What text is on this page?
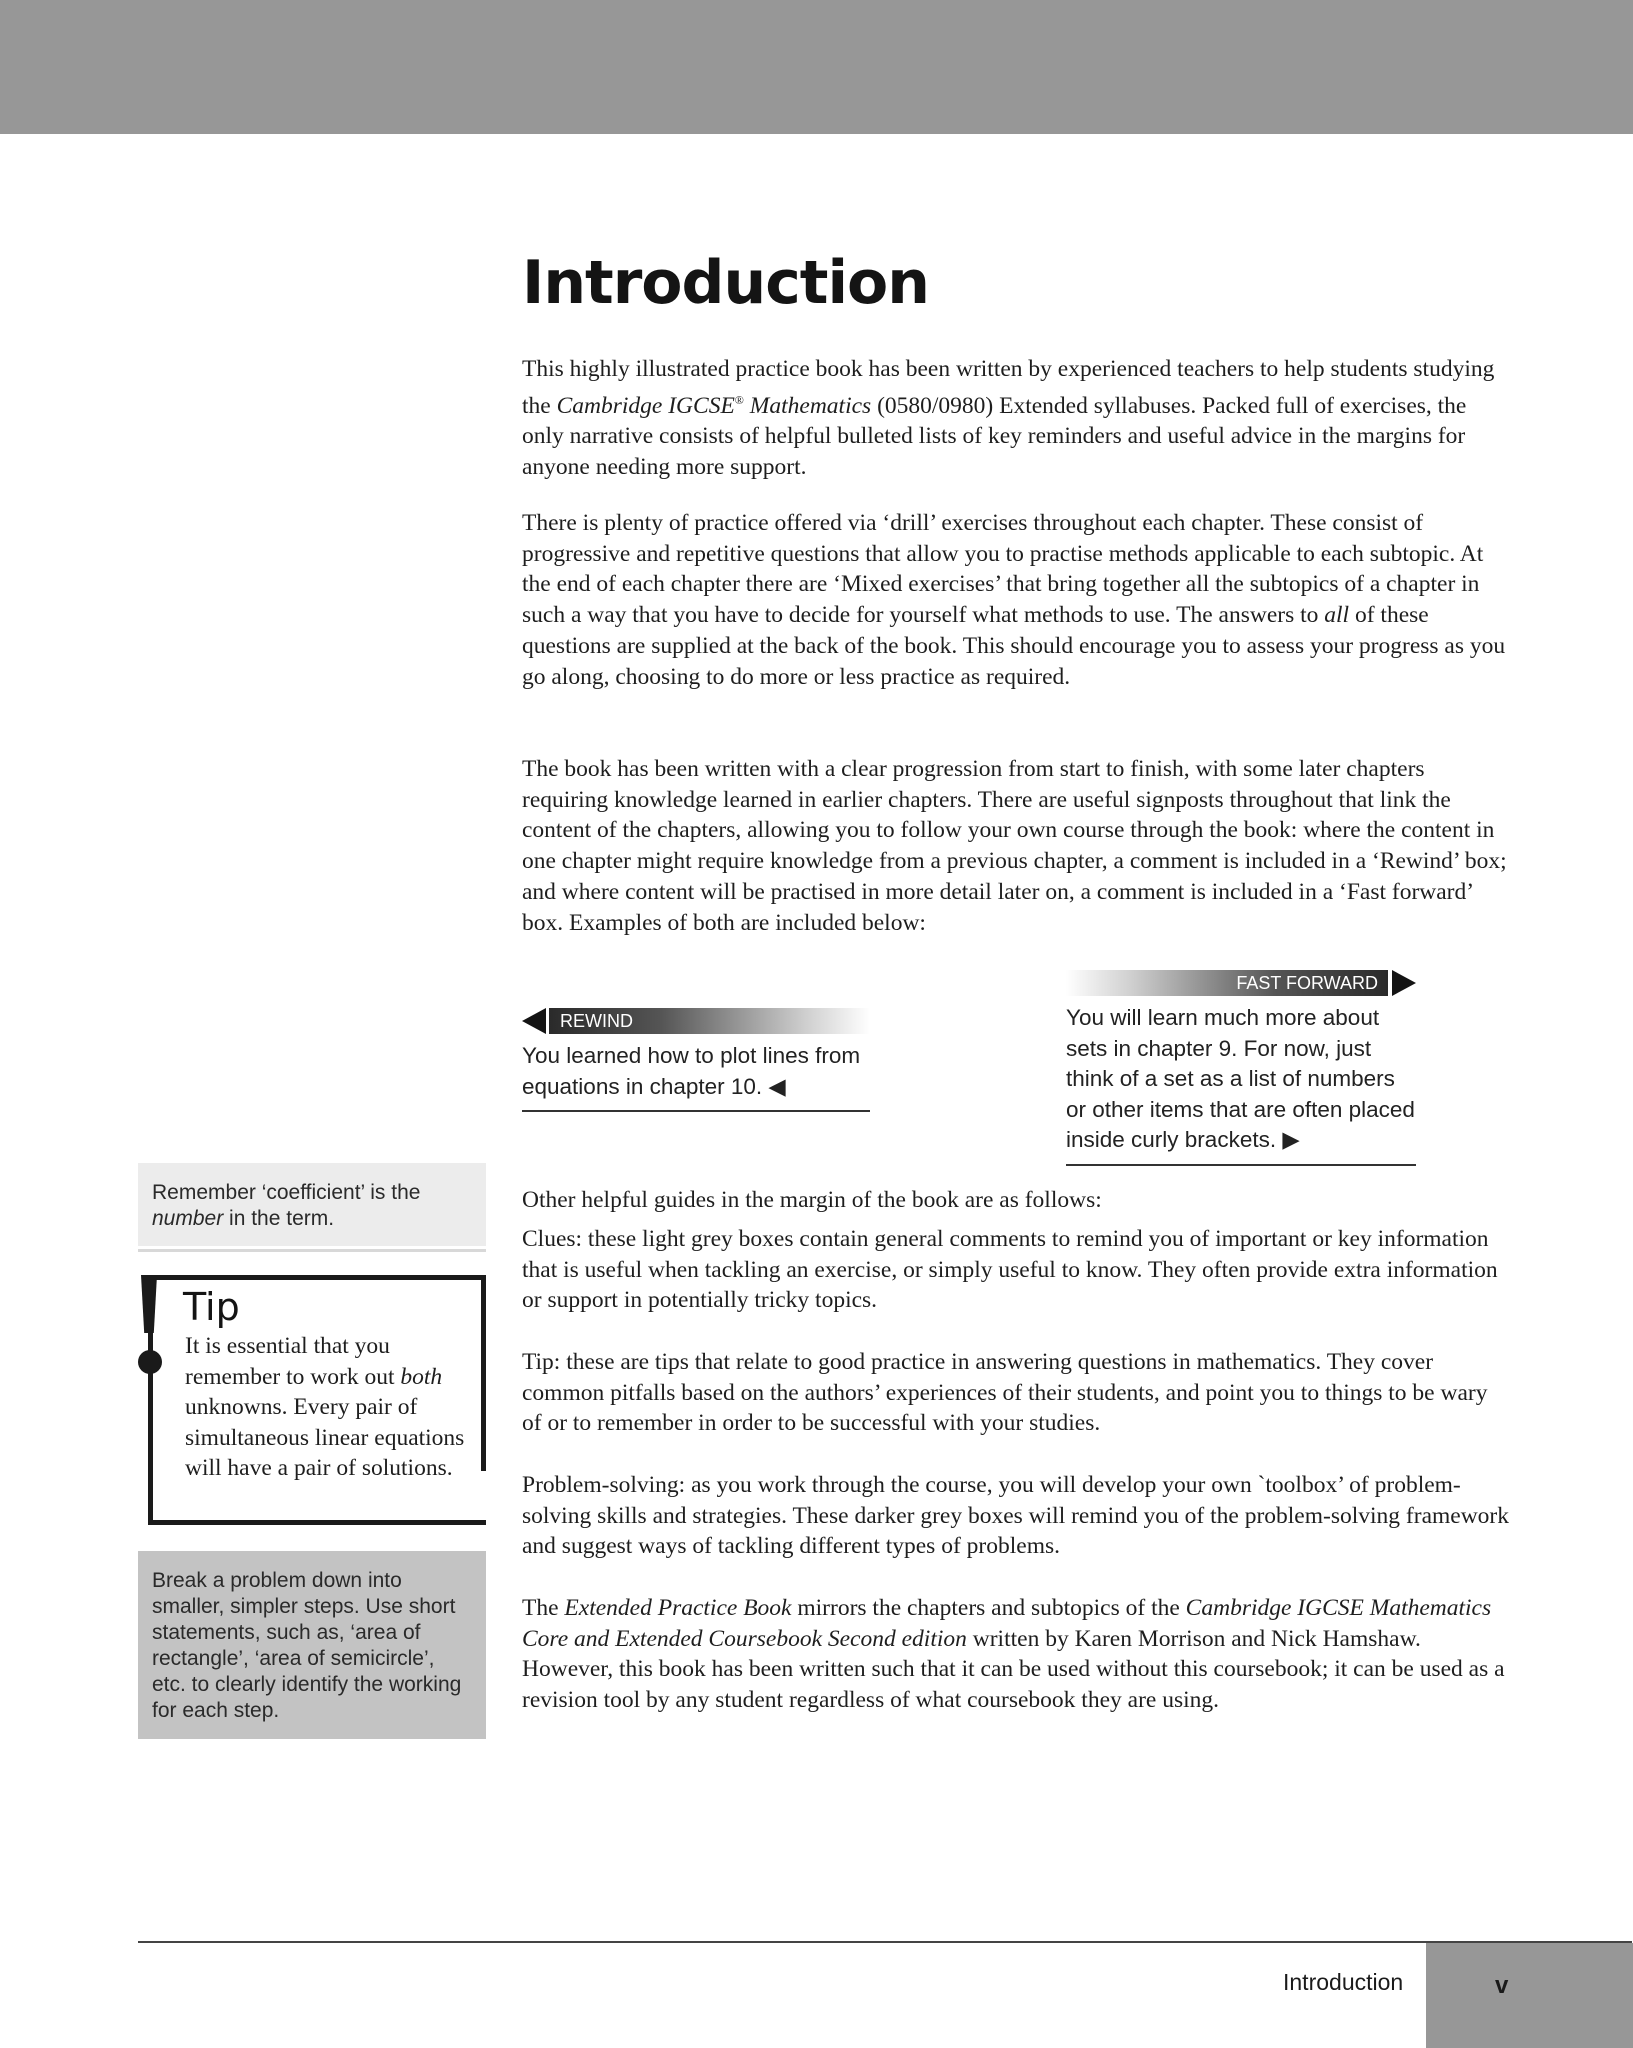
Introduction

This highly illustrated practice book has been written by experienced teachers to help students studying the Cambridge IGCSE® Mathematics (0580/0980) Extended syllabuses. Packed full of exercises, the only narrative consists of helpful bulleted lists of key reminders and useful advice in the margins for anyone needing more support.

There is plenty of practice offered via ‘drill’ exercises throughout each chapter. These consist of progressive and repetitive questions that allow you to practise methods applicable to each subtopic. At the end of each chapter there are ‘Mixed exercises’ that bring together all the subtopics of a chapter in such a way that you have to decide for yourself what methods to use. The answers to all of these questions are supplied at the back of the book. This should encourage you to assess your progress as you go along, choosing to do more or less practice as required.

The book has been written with a clear progression from start to finish, with some later chapters requiring knowledge learned in earlier chapters. There are useful signposts throughout that link the content of the chapters, allowing you to follow your own course through the book: where the content in one chapter might require knowledge from a previous chapter, a comment is included in a ‘Rewind’ box; and where content will be practised in more detail later on, a comment is included in a ‘Fast forward’ box. Examples of both are included below:

REWIND

You learned how to plot lines from equations in chapter 10. ◀

FAST FORWARD

You will learn much more about sets in chapter 9. For now, just think of a set as a list of numbers or other items that are often placed inside curly brackets. ▶

Remember ‘coefficient’ is the number in the term.

Tip

It is essential that you remember to work out both unknowns. Every pair of simultaneous linear equations will have a pair of solutions.

Break a problem down into smaller, simpler steps. Use short statements, such as, ‘area of rectangle’, ‘area of semicircle’, etc. to clearly identify the working for each step.

Other helpful guides in the margin of the book are as follows:

Clues: these light grey boxes contain general comments to remind you of important or key information that is useful when tackling an exercise, or simply useful to know. They often provide extra information or support in potentially tricky topics.

Tip: these are tips that relate to good practice in answering questions in mathematics. They cover common pitfalls based on the authors’ experiences of their students, and point you to things to be wary of or to remember in order to be successful with your studies.

Problem-solving: as you work through the course, you will develop your own `toolbox’ of problem-solving skills and strategies. These darker grey boxes will remind you of the problem-solving framework and suggest ways of tackling different types of problems.

The Extended Practice Book mirrors the chapters and subtopics of the Cambridge IGCSE Mathematics Core and Extended Coursebook Second edition written by Karen Morrison and Nick Hamshaw. However, this book has been written such that it can be used without this coursebook; it can be used as a revision tool by any student regardless of what coursebook they are using.

Introduction	v
